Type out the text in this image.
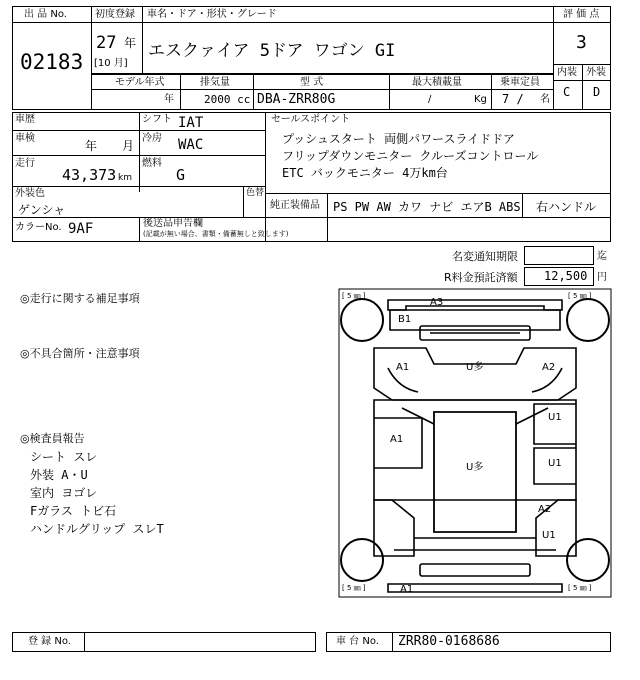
出 品 No.
02183
初度登録
27 年
[10 月]
車名・ドア・形状・グレード
エスクァイア 5ドア ワゴン GI
評 価 点
3
内装 外装
C D
モデル年式
年
排気量
2000 cc
型 式
DBA-ZRR80G
最大積載量
/	Kg
乗車定員
7 / 名
車歴	シフト IAT
車検
年 月
冷房 WAC
走行
43,373 km
燃料
G
外装色
ゲンシャ
色替
カラーNo. 9AF
セールスポイント
プッシュスタート 両側パワースライドドア
フリップダウンモニター クルーズコントロール
ETC バックモニター 4万km台
純正装備品 PS PW AW カワ ナビ エアB ABS 右ハンドル
後送品申告欄
(記載が無い場合、書類・備蓄無しと致します)
名変通知期限	迄
R料金預託済額 12,500 円
◎走行に関する補足事項
◎不具合箇所・注意事項
◎検査員報告
シート スレ
外装 A・U
室内 ヨゴレ
Fガラス トビ石
ハンドルグリップ スレT
[ 5 ㎜ ]	[ 5 ㎜ ]
[ 5 ㎜ ]	[ 5 ㎜ ]
A3
B1
A1	U多	A2
U1
A1
U1
U多
A2
U1
A1
登 録 No.	車 台 No. ZRR80-0168686
